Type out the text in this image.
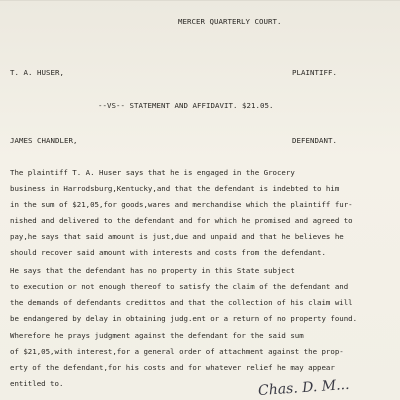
MERCER QUARTERLY COURT.
T. A. HUSER,	PLAINTIFF.
--VS-- STATEMENT AND AFFIDAVIT. $21.05.
JAMES CHANDLER,	DEFENDANT.
The plaintiff T. A. Huser says that he is engaged in the Grocery
business in Harrodsburg,Kentucky,and that the defendant is indebted to him
in the sum of $21,05,for goods,wares and merchandise which the plaintiff fur-
nished and delivered to the defendant and for which he promised and agreed to
pay,he says that said amount is just,due and unpaid and that he believes he
should recover said amount with interests and costs from the defendant.
He says that the defendant has no property in this State subject
to execution or not enough thereof to satisfy the claim of the defendant and
the demands of defendants credittos and that the collection of his claim will
be endangered by delay in obtaining judg.ent or a return of no property found.
Wherefore he prays judgment against the defendant for the said sum
of $21,05,with interest,for a general order of attachment against the prop-
erty of the defendant,for his costs and for whatever relief he may appear
entitled to.	Chas. D. M...
